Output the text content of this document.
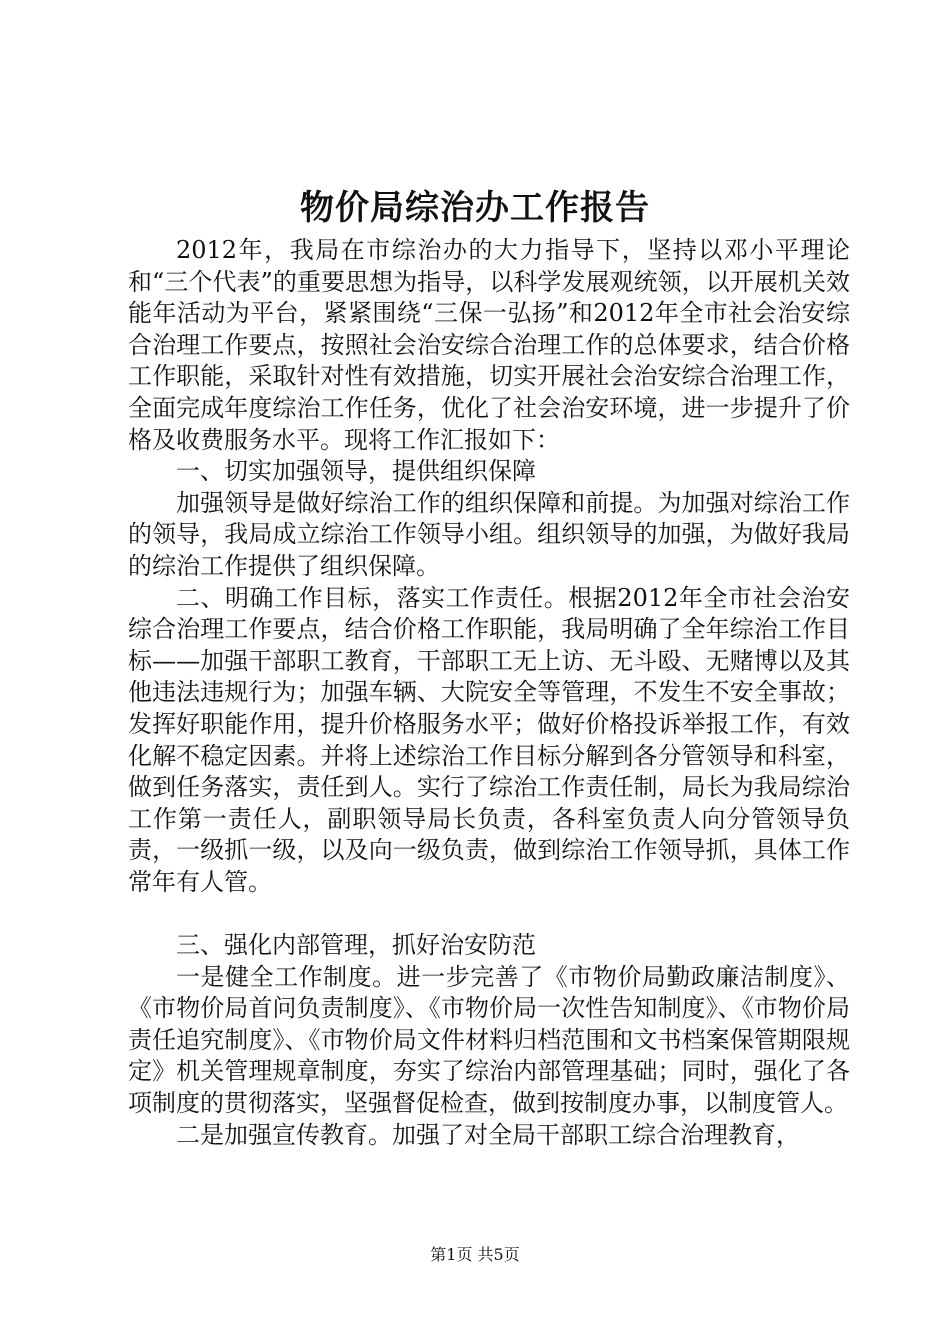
物价局综治办工作报告

2012年，我局在市综治办的大力指导下，坚持以邓小平理论和“三个代表”的重要思想为指导，以科学发展观统领，以开展机关效能年活动为平台，紧紧围绕“三保一弘扬”和2012年全市社会治安综合治理工作要点，按照社会治安综合治理工作的总体要求，结合价格工作职能，采取针对性有效措施，切实开展社会治安综合治理工作，全面完成年度综治工作任务，优化了社会治安环境，进一步提升了价格及收费服务水平。现将工作汇报如下：

一、切实加强领导，提供组织保障

加强领导是做好综治工作的组织保障和前提。为加强对综治工作的领导，我局成立综治工作领导小组。组织领导的加强，为做好我局的综治工作提供了组织保障。

二、明确工作目标，落实工作责任。根据2012年全市社会治安综合治理工作要点，结合价格工作职能，我局明确了全年综治工作目标——加强干部职工教育，干部职工无上访、无斗殴、无赌博以及其他违法违规行为；加强车辆、大院安全等管理，不发生不安全事故；发挥好职能作用，提升价格服务水平；做好价格投诉举报工作，有效化解不稳定因素。并将上述综治工作目标分解到各分管领导和科室，做到任务落实，责任到人。实行了综治工作责任制，局长为我局综治工作第一责任人，副职领导局长负责，各科室负责人向分管领导负责，一级抓一级，以及向一级负责，做到综治工作领导抓，具体工作常年有人管。

三、强化内部管理，抓好治安防范

一是健全工作制度。进一步完善了《市物价局勤政廉洁制度》、《市物价局首问负责制度》、《市物价局一次性告知制度》、《市物价局责任追究制度》、《市物价局文件材料归档范围和文书档案保管期限规定》机关管理规章制度，夯实了综治内部管理基础；同时，强化了各项制度的贯彻落实，坚强督促检查，做到按制度办事，以制度管人。

二是加强宣传教育。加强了对全局干部职工综合治理教育，

第1页 共5页
